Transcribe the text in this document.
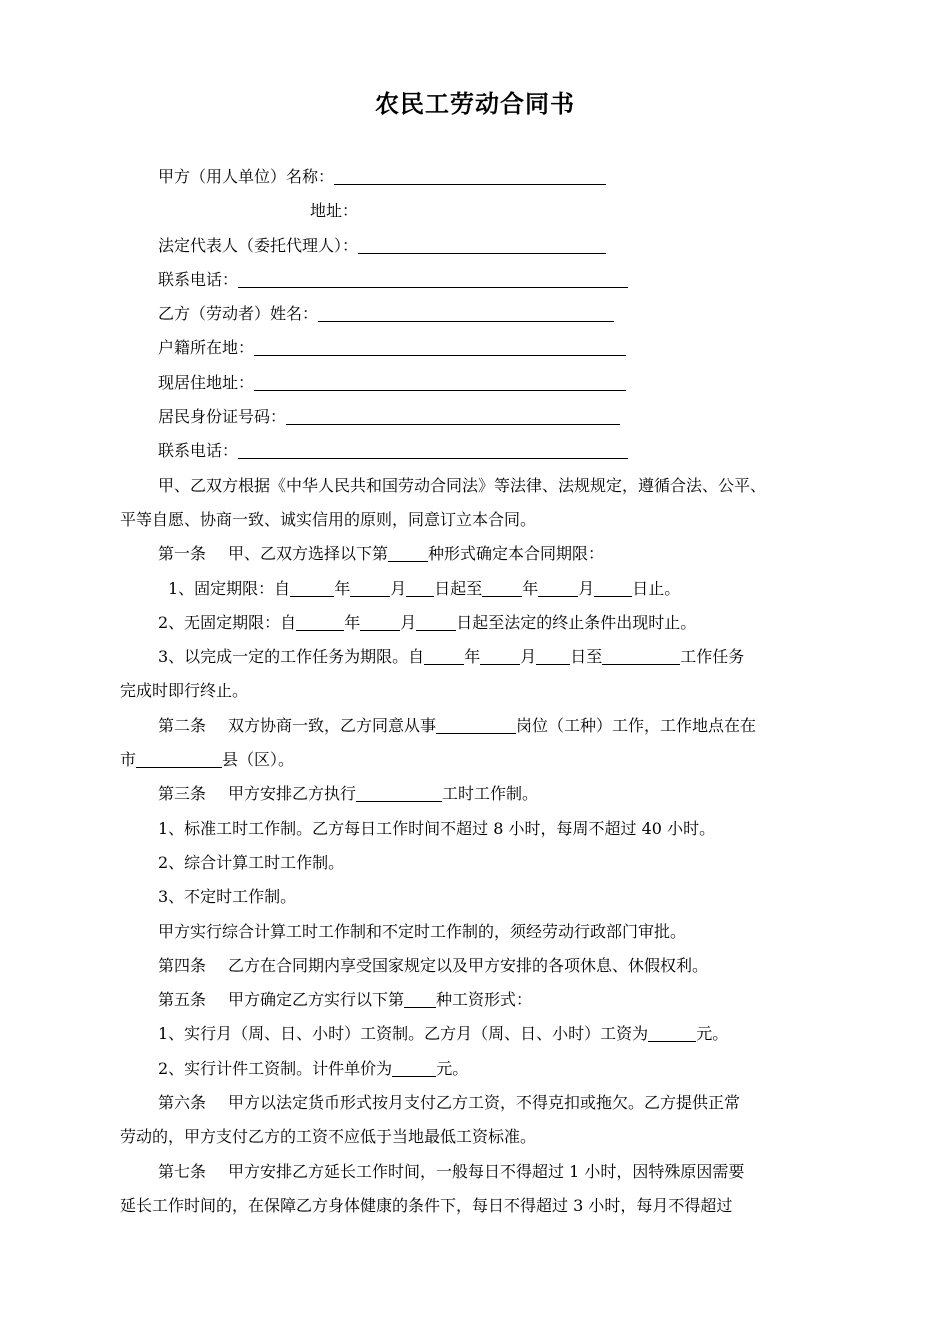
农民工劳动合同书
甲方（用人单位）名称：
地址：
法定代表人（委托代理人）：
联系电话：
乙方（劳动者）姓名：
户籍所在地：
现居住地址：
居民身份证号码：
联系电话：
甲、乙双方根据《中华人民共和国劳动合同法》等法律、法规规定，遵循合法、公平、
平等自愿、协商一致、诚实信用的原则，同意订立本合同。
第一条 甲、乙双方选择以下第	种形式确定本合同期限：
1、固定期限：自	年	月 日起至	年	月 日止。
2、无固定期限：自	年	月	日起至法定的终止条件出现时止。
3、以完成一定的工作任务为期限。自	年	月 日至	工作任务
完成时即行终止。
第二条 双方协商一致，乙方同意从事	岗位（工种）工作，工作地点在在
市	县（区）。
第三条 甲方安排乙方执行	工时工作制。
1、标准工时工作制。乙方每日工作时间不超过 8 小时，每周不超过 40 小时。
2、综合计算工时工作制。
3、不定时工作制。
甲方实行综合计算工时工作制和不定时工作制的，须经劳动行政部门审批。
第四条 乙方在合同期内享受国家规定以及甲方安排的各项休息、休假权利。
第五条 甲方确定乙方实行以下第 种工资形式：
1、实行月（周、日、小时）工资制。乙方月（周、日、小时）工资为	元。
2、实行计件工资制。计件单价为	元。
第六条 甲方以法定货币形式按月支付乙方工资，不得克扣或拖欠。乙方提供正常
劳动的，甲方支付乙方的工资不应低于当地最低工资标准。
第七条 甲方安排乙方延长工作时间，一般每日不得超过 1 小时，因特殊原因需要
延长工作时间的，在保障乙方身体健康的条件下，每日不得超过 3 小时，每月不得超过
